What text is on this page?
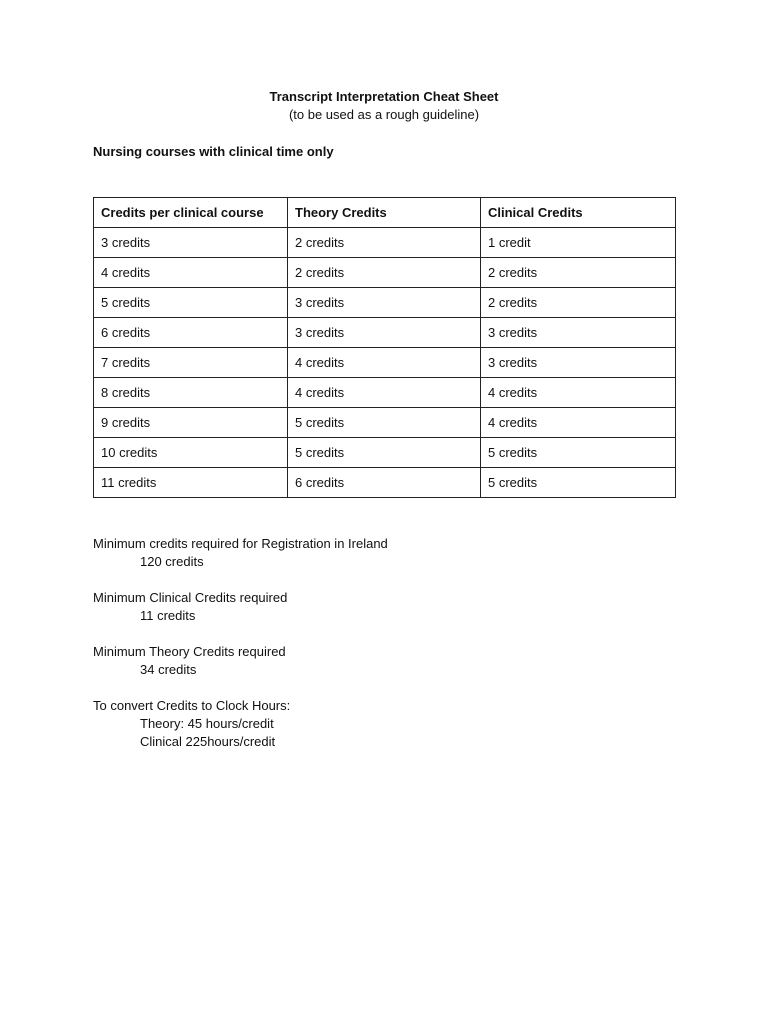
Transcript Interpretation Cheat Sheet
(to be used as a rough guideline)
Nursing courses with clinical time only
Credits per clinical course	Theory Credits	Clinical Credits
3 credits	2 credits	1 credit
4 credits	2 credits	2 credits
5 credits	3 credits	2 credits
6 credits	3 credits	3 credits
7 credits	4 credits	3 credits
8 credits	4 credits	4 credits
9 credits	5 credits	4 credits
10 credits	5 credits	5 credits
11 credits	6 credits	5 credits
Minimum credits required for Registration in Ireland
120 credits
Minimum Clinical Credits required
11 credits
Minimum Theory Credits required
34 credits
To convert Credits to Clock Hours:
Theory: 45 hours/credit
Clinical 225hours/credit
